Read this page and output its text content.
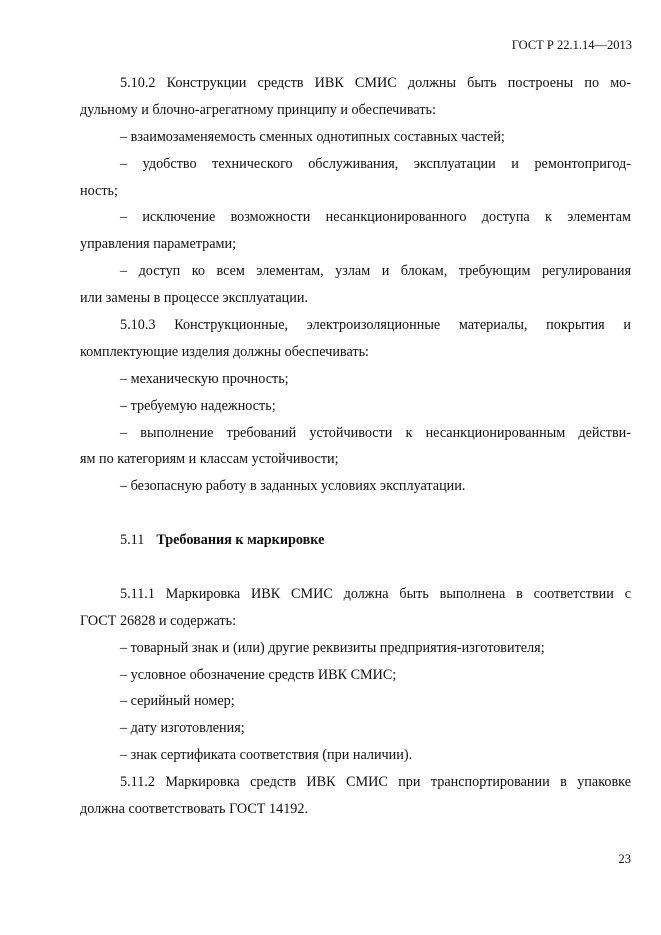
ГОСТ Р 22.1.14—2013
5.10.2 Конструкции средств ИВК СМИС должны быть построены по мо-
дульному и блочно-агрегатному принципу и обеспечивать:
– взаимозаменяемость сменных однотипных составных частей;
– удобство технического обслуживания, эксплуатации и ремонтопригод-
ность;
– исключение возможности несанкционированного доступа к элементам
управления параметрами;
– доступ ко всем элементам, узлам и блокам, требующим регулирования
или замены в процессе эксплуатации.
5.10.3 Конструкционные, электроизоляционные материалы, покрытия и
комплектующие изделия должны обеспечивать:
– механическую прочность;
– требуемую надежность;
– выполнение требований устойчивости к несанкционированным действи-
ям по категориям и классам устойчивости;
– безопасную работу в заданных условиях эксплуатации.
5.11 Требования к маркировке
5.11.1 Маркировка ИВК СМИС должна быть выполнена в соответствии с
ГОСТ 26828 и содержать:
– товарный знак и (или) другие реквизиты предприятия-изготовителя;
– условное обозначение средств ИВК СМИС;
– серийный номер;
– дату изготовления;
– знак сертификата соответствия (при наличии).
5.11.2 Маркировка средств ИВК СМИС при транспортировании в упаковке
должна соответствовать ГОСТ 14192.
23
